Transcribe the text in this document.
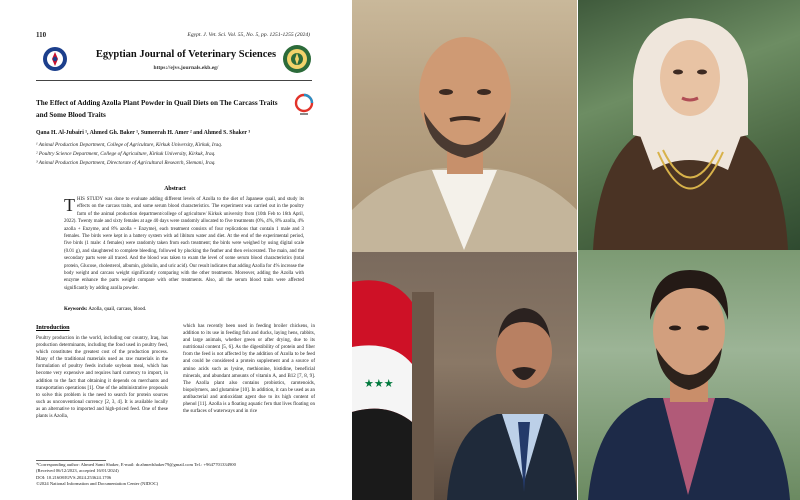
110	Egypt. J. Vet. Sci. Vol. 55, No. 5, pp. 1251-1255 (2024)
Egyptian Journal of Veterinary Sciences
https://ejvs.journals.ekb.eg/
The Effect of Adding Azolla Plant Powder in Quail Diets on The Carcass Traits and Some Blood Traits
Qana H. Al-Jubairi ¹, Ahmed Gh. Baker ¹, Sumeerah H. Amer ² and Ahmed S. Shaker ³
¹ Animal Production Department, College of Agriculture, Kirkuk University, Kirkuk, Iraq.
² Poultry Science Department, College of Agriculture, Kirkuk University, Kirkuk, Iraq.
³ Animal Production Department, Directorate of Agricultural Research, Slemani, Iraq.
Abstract
THIS STUDY was done to evaluate adding different levels of Azolla to the diet of Japanese quail, and study its effects on the carcass traits, and some serum blood characteristics. The experiment was carried out in the poultry farm of the animal production department/college of agriculture/ Kirkuk university from (10th Feb to 16th April, 2022). Twenty male and sixty females at age 40 days were randomly allocated to five treatments (0%, 4%, 8% azolla, 4% azolla + Enzyme, and 8% azolla + Enzyme), each treatment consists of four replications that contain 1 male and 3 females. The birds were kept in a battery system with ad libitum water and diet. At the end of the experimental period, five birds (1 male: 4 females) were randomly taken from each treatment; the birds were weighed by using digital scale (0.01 g), and slaughtered to complete bleeding, followed by plucking the feather and then eviscerated. The main, and the secondary parts were all traced. And the blood was taken to exam the level of some serum blood characteristics (total protein, Glucose, cholesterol, albumin, globulin, and uric acid). Our result indicates that adding Azolla for 4% increase the body weight and carcass weight significantly comparing with the other treatments. Moreover, adding the Azolla with enzyme enhance the parts weight compare with other treatments. Also, all the serum blood traits were affected significantly by adding azolla powder.
Keywords: Azolla, quail, carcass, blood.
Introduction
Poultry production in the world, including our country, Iraq, has production determinants, including the food used in poultry feed, which constitutes the greatest cost of the production process. Many of the traditional materials used as raw materials in the formulation of poultry feeds include soybean meal, which has become very expensive and requires hard currency to import, in addition to the fact that obtaining it depends on merchants and transportation operations [1]. One of the administrative proposals to solve this problem is the need to search for protein sources such as unconventional currency [2, 3, 4]. It is available locally as an alternative to imported and high-priced feed. One of these plants is Azolla,
which has recently been used in feeding broiler chickens, in addition to its use in feeding fish and ducks, laying hens, rabbits, and large animals, whether green or after drying, due to its nutritional content [5, 6]. As the digestibility of protein and fiber from the feed is not affected by the addition of Azolla to be feed and could be considered a protein supplement and a source of amino acids such as lysine, methionine, histidine, beneficial minerals, and abundant amounts of vitamin A, and B12 [7, 8, 9]. The Azolla plant also contains probiotics, carotenoids, biopolymers, and glutamine [10]. In addition, it can be used as an antibacterial and antioxidant agent due to its high content of phenol [11]. Azolla is a floating aquatic fern that lives floating on the surfaces of waterways and in rice
*Corresponding author: Ahmed Sami Shaker, E-mail: dr.ahmedshaker79@gmail.com Tel.: +9647701334900
(Received 06/12/2023, accepted 16/01/2024)
DOI: 10.21608/EJVS.2024.253624.1706
©2024 National Information and Documentation Center (NIDOC)
★★★
